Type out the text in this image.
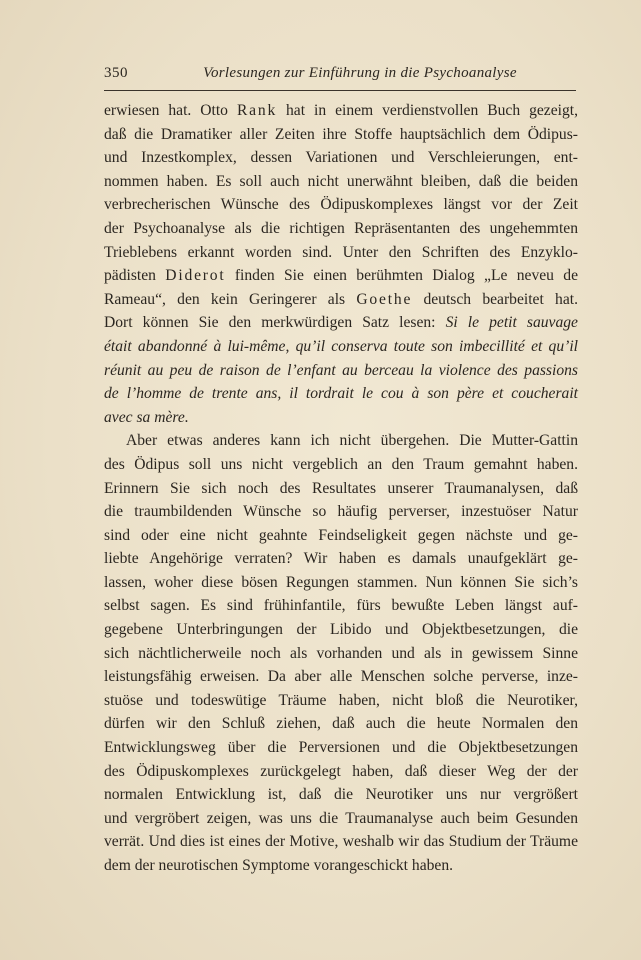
350	Vorlesungen zur Einführung in die Psychoanalyse
erwiesen hat. Otto Rank hat in einem verdienstvollen Buch gezeigt,
daß die Dramatiker aller Zeiten ihre Stoffe hauptsächlich dem Ödipus-
und Inzestkomplex, dessen Variationen und Verschleierungen, ent-
nommen haben. Es soll auch nicht unerwähnt bleiben, daß die beiden
verbrecherischen Wünsche des Ödipuskomplexes längst vor der Zeit
der Psychoanalyse als die richtigen Repräsentanten des ungehemmten
Trieblebens erkannt worden sind. Unter den Schriften des Enzyklo-
pädisten Diderot finden Sie einen berühmten Dialog „Le neveu de
Rameau“, den kein Geringerer als Goethe deutsch bearbeitet hat.
Dort können Sie den merkwürdigen Satz lesen: Si le petit sauvage
était abandonné à lui-même, qu’il conserva toute son imbecillité et qu’il
réunit au peu de raison de l’enfant au berceau la violence des passions
de l’homme de trente ans, il tordrait le cou à son père et coucherait
avec sa mère.
Aber etwas anderes kann ich nicht übergehen. Die Mutter-Gattin
des Ödipus soll uns nicht vergeblich an den Traum gemahnt haben.
Erinnern Sie sich noch des Resultates unserer Traumanalysen, daß
die traumbildenden Wünsche so häufig perverser, inzestuöser Natur
sind oder eine nicht geahnte Feindseligkeit gegen nächste und ge-
liebte Angehörige verraten? Wir haben es damals unaufgeklärt ge-
lassen, woher diese bösen Regungen stammen. Nun können Sie sich’s
selbst sagen. Es sind frühinfantile, fürs bewußte Leben längst auf-
gegebene Unterbringungen der Libido und Objektbesetzungen, die
sich nächtlicherweile noch als vorhanden und als in gewissem Sinne
leistungsfähig erweisen. Da aber alle Menschen solche perverse, inze-
stuöse und todeswütige Träume haben, nicht bloß die Neurotiker,
dürfen wir den Schluß ziehen, daß auch die heute Normalen den
Entwicklungsweg über die Perversionen und die Objektbesetzungen
des Ödipuskomplexes zurückgelegt haben, daß dieser Weg der der
normalen Entwicklung ist, daß die Neurotiker uns nur vergrößert
und vergröbert zeigen, was uns die Traumanalyse auch beim Gesunden
verrät. Und dies ist eines der Motive, weshalb wir das Studium der Träume
dem der neurotischen Symptome vorangeschickt haben.
